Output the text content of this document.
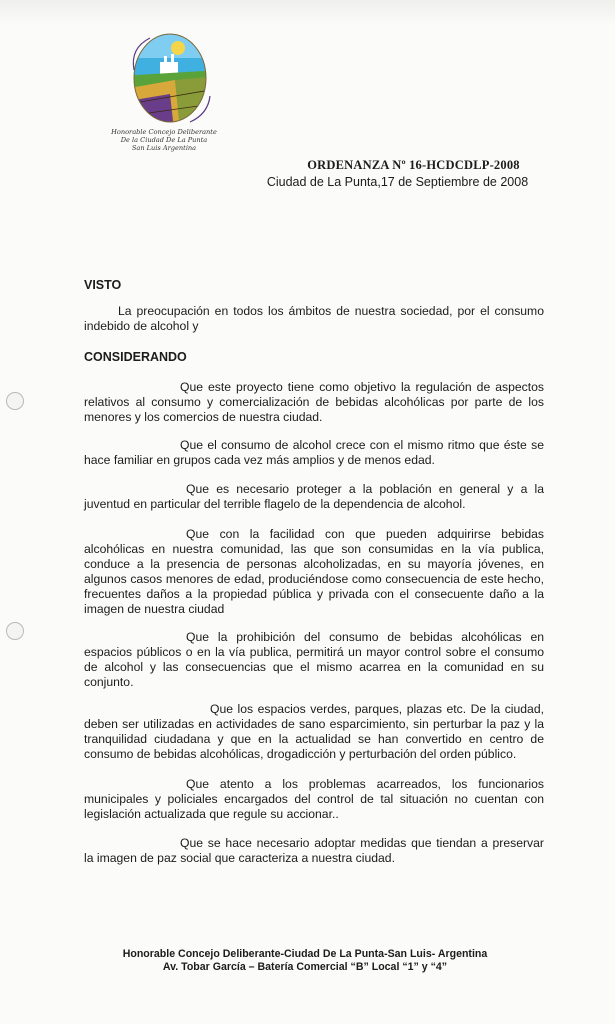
Honorable Concejo Deliberante
De la Ciudad De La Punta
San Luis Argentina
ORDENANZA Nº 16-HCDCDLP-2008
Ciudad de La Punta,17 de Septiembre de 2008
VISTO
La preocupación en todos los ámbitos de nuestra sociedad, por el consumo indebido de alcohol y
CONSIDERANDO
Que este proyecto tiene como objetivo la regulación de aspectos relativos al consumo y comercialización de bebidas alcohólicas por parte de los menores y los comercios de nuestra ciudad.
Que el consumo de alcohol crece con el mismo ritmo que éste se hace familiar en grupos cada vez más amplios y de menos edad.
Que es necesario proteger a la población en general y a la juventud en particular del terrible flagelo de la dependencia de alcohol.
Que con la facilidad con que pueden adquirirse bebidas alcohólicas en nuestra comunidad, las que son consumidas en la vía publica, conduce a la presencia de personas alcoholizadas, en su mayoría jóvenes, en algunos casos menores de edad, produciéndose como consecuencia de este hecho, frecuentes daños a la propiedad pública y privada con el consecuente daño a la imagen de nuestra ciudad
Que la prohibición del consumo de bebidas alcohólicas en espacios públicos o en la vía publica, permitirá un mayor control sobre el consumo de alcohol y las consecuencias que el mismo acarrea en la comunidad en su conjunto.
Que los espacios verdes, parques, plazas etc. De la ciudad, deben ser utilizadas en actividades de sano esparcimiento, sin perturbar la paz y la tranquilidad ciudadana y que en la actualidad se han convertido en centro de consumo de bebidas alcohólicas, drogadicción y perturbación del orden público.
Que atento a los problemas acarreados, los funcionarios municipales y policiales encargados del control de tal situación no cuentan con legislación actualizada que regule su accionar..
Que se hace necesario adoptar medidas que tiendan a preservar la imagen de paz social que caracteriza a nuestra ciudad.
Honorable Concejo Deliberante-Ciudad De La Punta-San Luis- Argentina
Av. Tobar García – Batería Comercial “B” Local “1” y “4”
